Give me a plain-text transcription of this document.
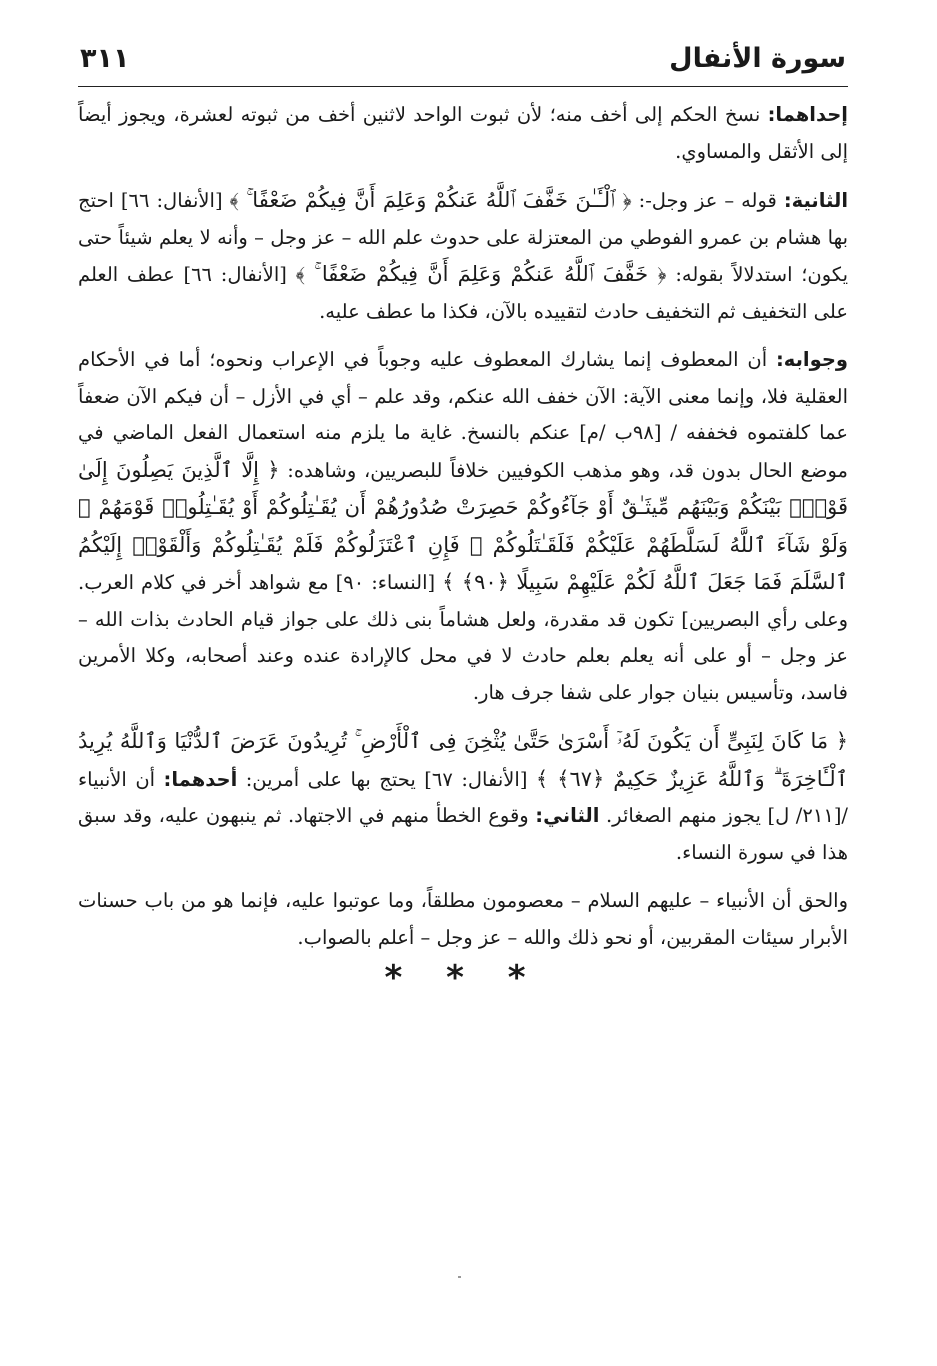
سورة الأنفال
٣١١

إحداهما: نسخ الحكم إلى أخف منه؛ لأن ثبوت الواحد لاثنين أخف من ثبوته لعشرة، ويجوز أيضاً إلى الأثقل والمساوي.

الثانية: قوله – عز وجل-: ﴿ ٱلْـَٔـٰنَ خَفَّفَ ٱللَّهُ عَنكُمْ وَعَلِمَ أَنَّ فِيكُمْ ضَعْفًا ۚ ﴾ [الأنفال: ٦٦] احتج بها هشام بن عمرو الفوطي من المعتزلة على حدوث علم الله – عز وجل – وأنه لا يعلم شيئاً حتى يكون؛ استدلالاً بقوله: ﴿ خَفَّفَ ٱللَّهُ عَنكُمْ وَعَلِمَ أَنَّ فِيكُمْ ضَعْفًا ۚ ﴾ [الأنفال: ٦٦] عطف العلم على التخفيف ثم التخفيف حادث لتقييده بالآن، فكذا ما عطف عليه.

وجوابه: أن المعطوف إنما يشارك المعطوف عليه وجوباً في الإعراب ونحوه؛ أما في الأحكام العقلية فلا، وإنما معنى الآية: الآن خفف الله عنكم، وقد علم – أي في الأزل – أن فيكم الآن ضعفاً عما كلفتموه فخففه / [٩٨ب /م] عنكم بالنسخ. غاية ما يلزم منه استعمال الفعل الماضي في موضع الحال بدون قد، وهو مذهب الكوفيين خلافاً للبصريين، وشاهده: ﴿ إِلَّا ٱلَّذِينَ يَصِلُونَ إِلَىٰ قَوْمٍۭ بَيْنَكُمْ وَبَيْنَهُم مِّيثَـٰقٌ أَوْ جَآءُوكُمْ حَصِرَتْ صُدُورُهُمْ أَن يُقَـٰتِلُوكُمْ أَوْ يُقَـٰتِلُوا۟ قَوْمَهُمْ ۚ وَلَوْ شَآءَ ٱللَّهُ لَسَلَّطَهُمْ عَلَيْكُمْ فَلَقَـٰتَلُوكُمْ ۚ فَإِنِ ٱعْتَزَلُوكُمْ فَلَمْ يُقَـٰتِلُوكُمْ وَأَلْقَوْا۟ إِلَيْكُمُ ٱلسَّلَمَ فَمَا جَعَلَ ٱللَّهُ لَكُمْ عَلَيْهِمْ سَبِيلًا ﴿٩٠﴾ ﴾ [النساء: ٩٠] مع شواهد أخر في كلام العرب. وعلى رأي البصريين] تكون قد مقدرة، ولعل هشاماً بنى ذلك على جواز قيام الحادث بذات الله – عز وجل – أو على أنه يعلم بعلم حادث لا في محل كالإرادة عنده وعند أصحابه، وكلا الأمرين فاسد، وتأسيس بنيان جوار على شفا جرف هار.

﴿ مَا كَانَ لِنَبِىٍّ أَن يَكُونَ لَهُۥٓ أَسْرَىٰ حَتَّىٰ يُثْخِنَ فِى ٱلْأَرْضِ ۚ تُرِيدُونَ عَرَضَ ٱلدُّنْيَا وَٱللَّهُ يُرِيدُ ٱلْـَٔاخِرَةَ ۗ وَٱللَّهُ عَزِيزٌ حَكِيمٌ ﴿٦٧﴾ ﴾ [الأنفال: ٦٧] يحتج بها على أمرين: أحدهما: أن الأنبياء /[٢١١/ ل] يجوز منهم الصغائر. الثاني: وقوع الخطأ منهم في الاجتهاد. ثم ينبهون عليه، وقد سبق هذا في سورة النساء.

والحق أن الأنبياء – عليهم السلام – معصومون مطلقاً، وما عوتبوا عليه، فإنما هو من باب حسنات الأبرار سيئات المقربين، أو نحو ذلك والله – عز وجل – أعلم بالصواب.

* * *
